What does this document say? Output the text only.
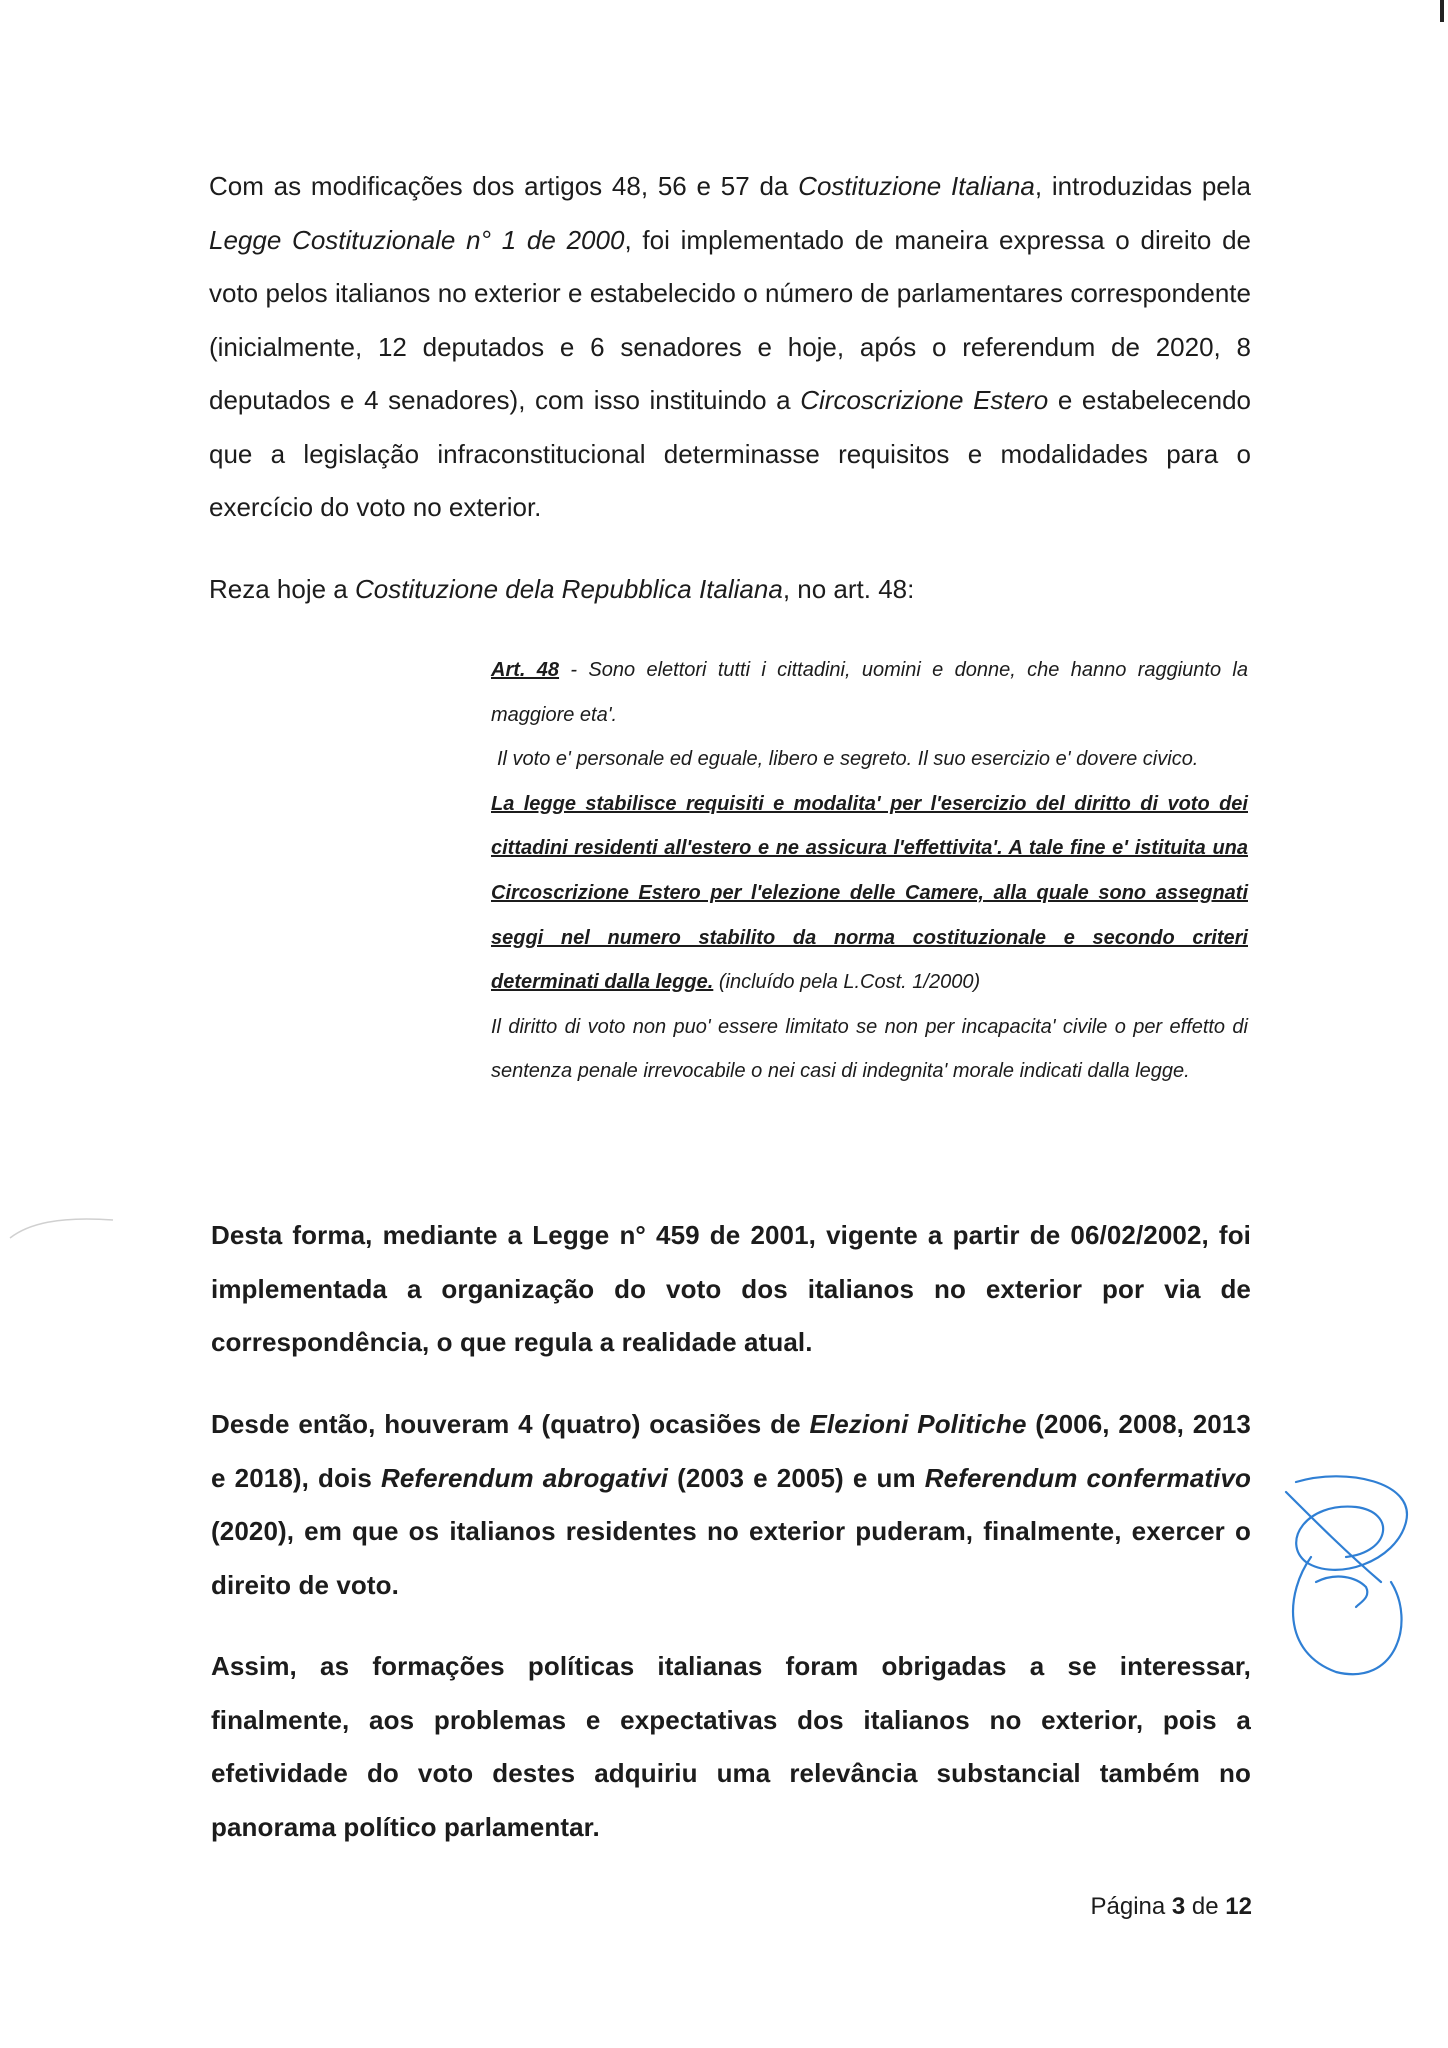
Com as modificações dos artigos 48, 56 e 57 da Costituzione Italiana, introduzidas pela Legge Costituzionale n° 1 de 2000, foi implementado de maneira expressa o direito de voto pelos italianos no exterior e estabelecido o número de parlamentares correspondente (inicialmente, 12 deputados e 6 senadores e hoje, após o referendum de 2020, 8 deputados e 4 senadores), com isso instituindo a Circoscrizione Estero e estabelecendo que a legislação infraconstitucional determinasse requisitos e modalidades para o exercício do voto no exterior.

Reza hoje a Costituzione dela Repubblica Italiana, no art. 48:

Art. 48 - Sono elettori tutti i cittadini, uomini e donne, che hanno raggiunto la maggiore eta'.
Il voto e' personale ed eguale, libero e segreto. Il suo esercizio e' dovere civico.
La legge stabilisce requisiti e modalita' per l'esercizio del diritto di voto dei cittadini residenti all'estero e ne assicura l'effettivita'. A tale fine e' istituita una Circoscrizione Estero per l'elezione delle Camere, alla quale sono assegnati seggi nel numero stabilito da norma costituzionale e secondo criteri determinati dalla legge. (incluído pela L.Cost. 1/2000)
Il diritto di voto non puo' essere limitato se non per incapacita' civile o per effetto di sentenza penale irrevocabile o nei casi di indegnita' morale indicati dalla legge.

Desta forma, mediante a Legge n° 459 de 2001, vigente a partir de 06/02/2002, foi implementada a organização do voto dos italianos no exterior por via de correspondência, o que regula a realidade atual.

Desde então, houveram 4 (quatro) ocasiões de Elezioni Politiche (2006, 2008, 2013 e 2018), dois Referendum abrogativi (2003 e 2005) e um Referendum confermativo (2020), em que os italianos residentes no exterior puderam, finalmente, exercer o direito de voto.

Assim, as formações políticas italianas foram obrigadas a se interessar, finalmente, aos problemas e expectativas dos italianos no exterior, pois a efetividade do voto destes adquiriu uma relevância substancial também no panorama político parlamentar.

Página 3 de 12
